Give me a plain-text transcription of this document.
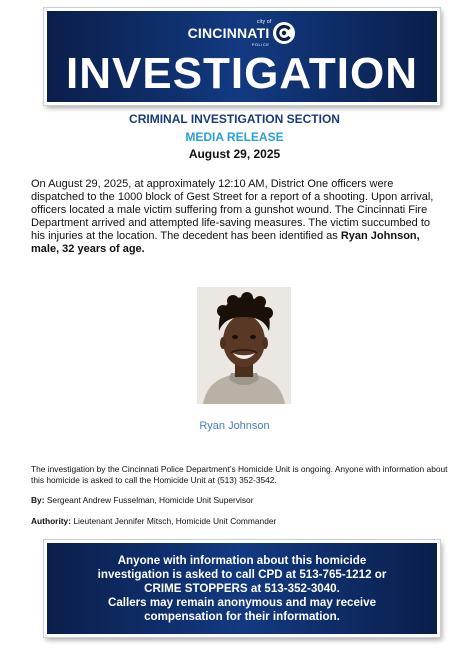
city of
CINCINNATI
POLICE
INVESTIGATION
CRIMINAL INVESTIGATION SECTION
MEDIA RELEASE
August 29, 2025
On August 29, 2025, at approximately 12:10 AM, District One officers were dispatched to the 1000 block of Gest Street for a report of a shooting. Upon arrival, officers located a male victim suffering from a gunshot wound. The Cincinnati Fire Department arrived and attempted life-saving measures. The victim succumbed to his injuries at the location. The decedent has been identified as Ryan Johnson, male, 32 years of age.
Ryan Johnson
The investigation by the Cincinnati Police Department’s Homicide Unit is ongoing. Anyone with information about this homicide is asked to call the Homicide Unit at (513) 352-3542.
By: Sergeant Andrew Fusselman, Homicide Unit Supervisor
Authority: Lieutenant Jennifer Mitsch, Homicide Unit Commander
Anyone with information about this homicide
investigation is asked to call CPD at 513-765-1212 or
CRIME STOPPERS at 513-352-3040.
Callers may remain anonymous and may receive
compensation for their information.
